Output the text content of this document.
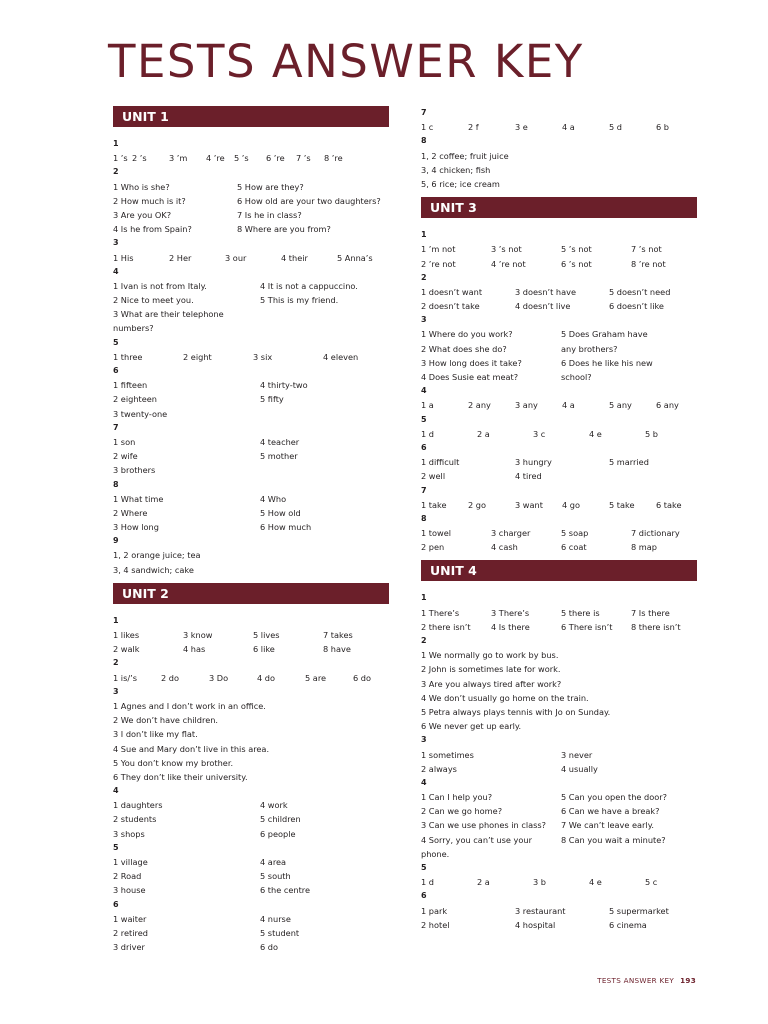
TESTS ANSWER KEY
UNIT 1
1
1 ’s 2 ’s	3 ’m	4 ’re	5 ’s	6 ’re	7 ’s	8 ’re
2
1 Who is she?	5 How are they?
2 How much is it?	6 How old are your two daughters?
3 Are you OK?	7 Is he in class?
4 Is he from Spain?	8 Where are you from?
3
1 His	2 Her	3 our	4 their	5 Anna’s
4
1 Ivan is not from Italy.	4 It is not a cappuccino.
2 Nice to meet you.	5 This is my friend.
3 What are their telephone
numbers?
5
1 three	2 eight	3 six	4 eleven
6
1 fifteen	4 thirty-two
2 eighteen	5 fifty
3 twenty-one
7
1 son	4 teacher
2 wife	5 mother
3 brothers
8
1 What time	4 Who
2 Where	5 How old
3 How long	6 How much
9
1, 2 orange juice; tea
3, 4 sandwich; cake
UNIT 2
1
1 likes	3 know	5 lives	7 takes
2 walk	4 has	6 like	8 have
2
1 is/’s	2 do	3 Do	4 do	5 are	6 do
3
1 Agnes and I don’t work in an office.
2 We don’t have children.
3 I don’t like my flat.
4 Sue and Mary don’t live in this area.
5 You don’t know my brother.
6 They don’t like their university.
4
1 daughters	4 work
2 students	5 children
3 shops	6 people
5
1 village	4 area
2 Road	5 south
3 house	6 the centre
6
1 waiter	4 nurse
2 retired	5 student
3 driver	6 do
7
1 c	2 f	3 e	4 a	5 d	6 b
8
1, 2 coffee; fruit juice
3, 4 chicken; fish
5, 6 rice; ice cream
UNIT 3
1
1 ’m not	3 ’s not	5 ’s not	7 ’s not
2 ’re not	4 ’re not	6 ’s not	8 ’re not
2
1 doesn’t want	3 doesn’t have	5 doesn’t need
2 doesn’t take	4 doesn’t live	6 doesn’t like
3
1 Where do you work?	5 Does Graham have
2 What does she do?	any brothers?
3 How long does it take?	6 Does he like his new
4 Does Susie eat meat?	school?
4
1 a	2 any	3 any	4 a	5 any	6 any
5
1 d	2 a	3 c	4 e	5 b
6
1 difficult	3 hungry	5 married
2 well	4 tired
7
1 take	2 go	3 want	4 go	5 take	6 take
8
1 towel	3 charger	5 soap	7 dictionary
2 pen	4 cash	6 coat	8 map
UNIT 4
1
1 There’s	3 There’s	5 there is	7 Is there
2 there isn’t	4 Is there	6 There isn’t	8 there isn’t
2
1 We normally go to work by bus.
2 John is sometimes late for work.
3 Are you always tired after work?
4 We don’t usually go home on the train.
5 Petra always plays tennis with Jo on Sunday.
6 We never get up early.
3
1 sometimes	3 never
2 always	4 usually
4
1 Can I help you?	5 Can you open the door?
2 Can we go home?	6 Can we have a break?
3 Can we use phones in class?	7 We can’t leave early.
4 Sorry, you can’t use your	8 Can you wait a minute?
phone.
5
1 d	2 a	3 b	4 e	5 c
6
1 park	3 restaurant	5 supermarket
2 hotel	4 hospital	6 cinema
TESTS ANSWER KEY 193
